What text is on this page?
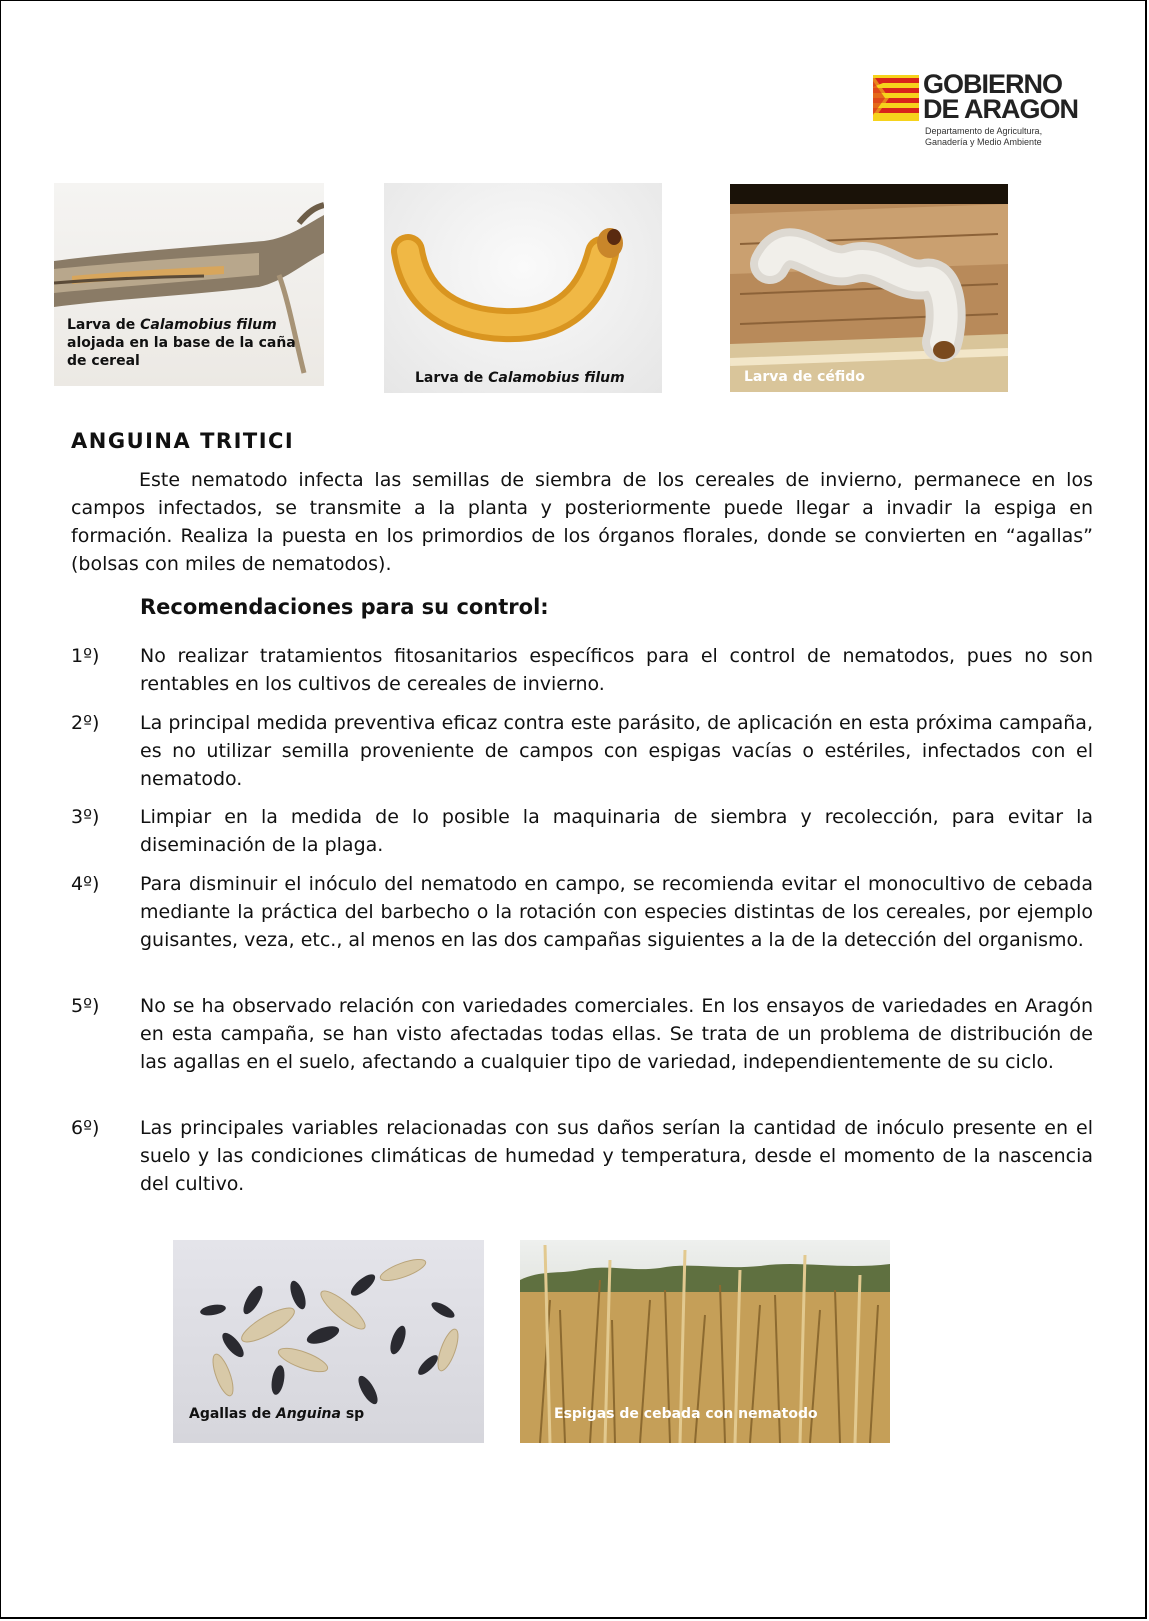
GOBIERNO
DE ARAGON
Departamento de Agricultura,
Ganadería y Medio Ambiente
Larva de Calamobius filum
alojada en la base de la caña
de cereal
Larva de Calamobius filum	Larva de céfido
ANGUINA TRITICI

Este nematodo infecta las semillas de siembra de los cereales de invierno, permanece en los campos infectados, se transmite a la planta y posteriormente puede llegar a invadir la espiga en formación. Realiza la puesta en los primordios de los órganos florales, donde se convierten en “agallas” (bolsas con miles de nematodos).

Recomendaciones para su control:
1º) No realizar tratamientos fitosanitarios específicos para el control de nematodos, pues no son rentables en los cultivos de cereales de invierno.
2º) La principal medida preventiva eficaz contra este parásito, de aplicación en esta próxima campaña, es no utilizar semilla proveniente de campos con espigas vacías o estériles, infectados con el nematodo.
3º) Limpiar en la medida de lo posible la maquinaria de siembra y recolección, para evitar la diseminación de la plaga.
4º) Para disminuir el inóculo del nematodo en campo, se recomienda evitar el monocultivo de cebada mediante la práctica del barbecho o la rotación con especies distintas de los cereales, por ejemplo guisantes, veza, etc., al menos en las dos campañas siguientes a la de la detección del organismo.
5º) No se ha observado relación con variedades comerciales. En los ensayos de variedades en Aragón en esta campaña, se han visto afectadas todas ellas. Se trata de un problema de distribución de las agallas en el suelo, afectando a cualquier tipo de variedad, independientemente de su ciclo.
6º) Las principales variables relacionadas con sus daños serían la cantidad de inóculo presente en el suelo y las condiciones climáticas de humedad y temperatura, desde el momento de la nascencia del cultivo.
Agallas de Anguina sp	Espigas de cebada con nematodo
